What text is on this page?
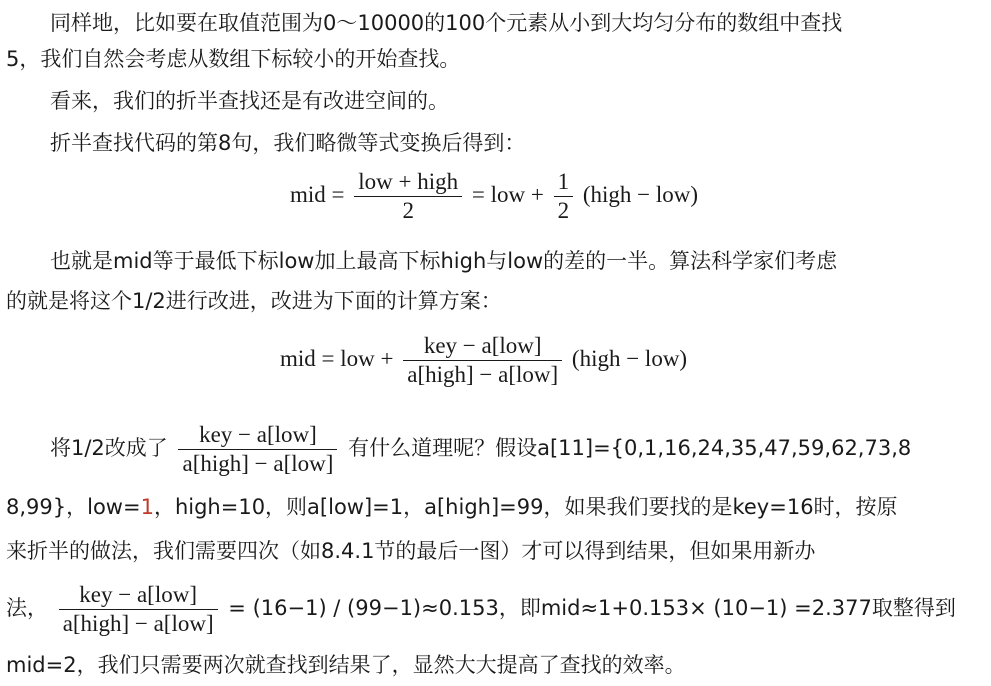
同样地，比如要在取值范围为0～10000的100个元素从小到大均匀分布的数组中查找
5，我们自然会考虑从数组下标较小的开始查找。
看来，我们的折半查找还是有改进空间的。
折半查找代码的第8句，我们略微等式变换后得到：
mid = $\frac{\text{low + high}}{2}$ = low + $\frac{1}{2}$ (high − low)
也就是mid等于最低下标low加上最高下标high与low的差的一半。算法科学家们考虑
的就是将这个1/2进行改进，改进为下面的计算方案：
mid = low + $\frac{\text{key − a[low]}}{\text{a[high] − a[low]}}$ (high − low)
将1/2改成了 $\frac{\text{key − a[low]}}{\text{a[high] − a[low]}}$ 有什么道理呢？假设a[11]={0,1,16,24,35,47,59,62,73,8
8,99}，low=1，high=10，则a[low]=1，a[high]=99，如果我们要找的是key=16时，按原
来折半的做法，我们需要四次（如8.4.1节的最后一图）才可以得到结果，但如果用新办
法， $\frac{\text{key − a[low]}}{\text{a[high] − a[low]}} = (16-1) / (99-1)\approx 0.153$，即mid≈1+0.153× (10−1) =2.377取整得到
mid=2，我们只需要两次就查找到结果了，显然大大提高了查找的效率。
